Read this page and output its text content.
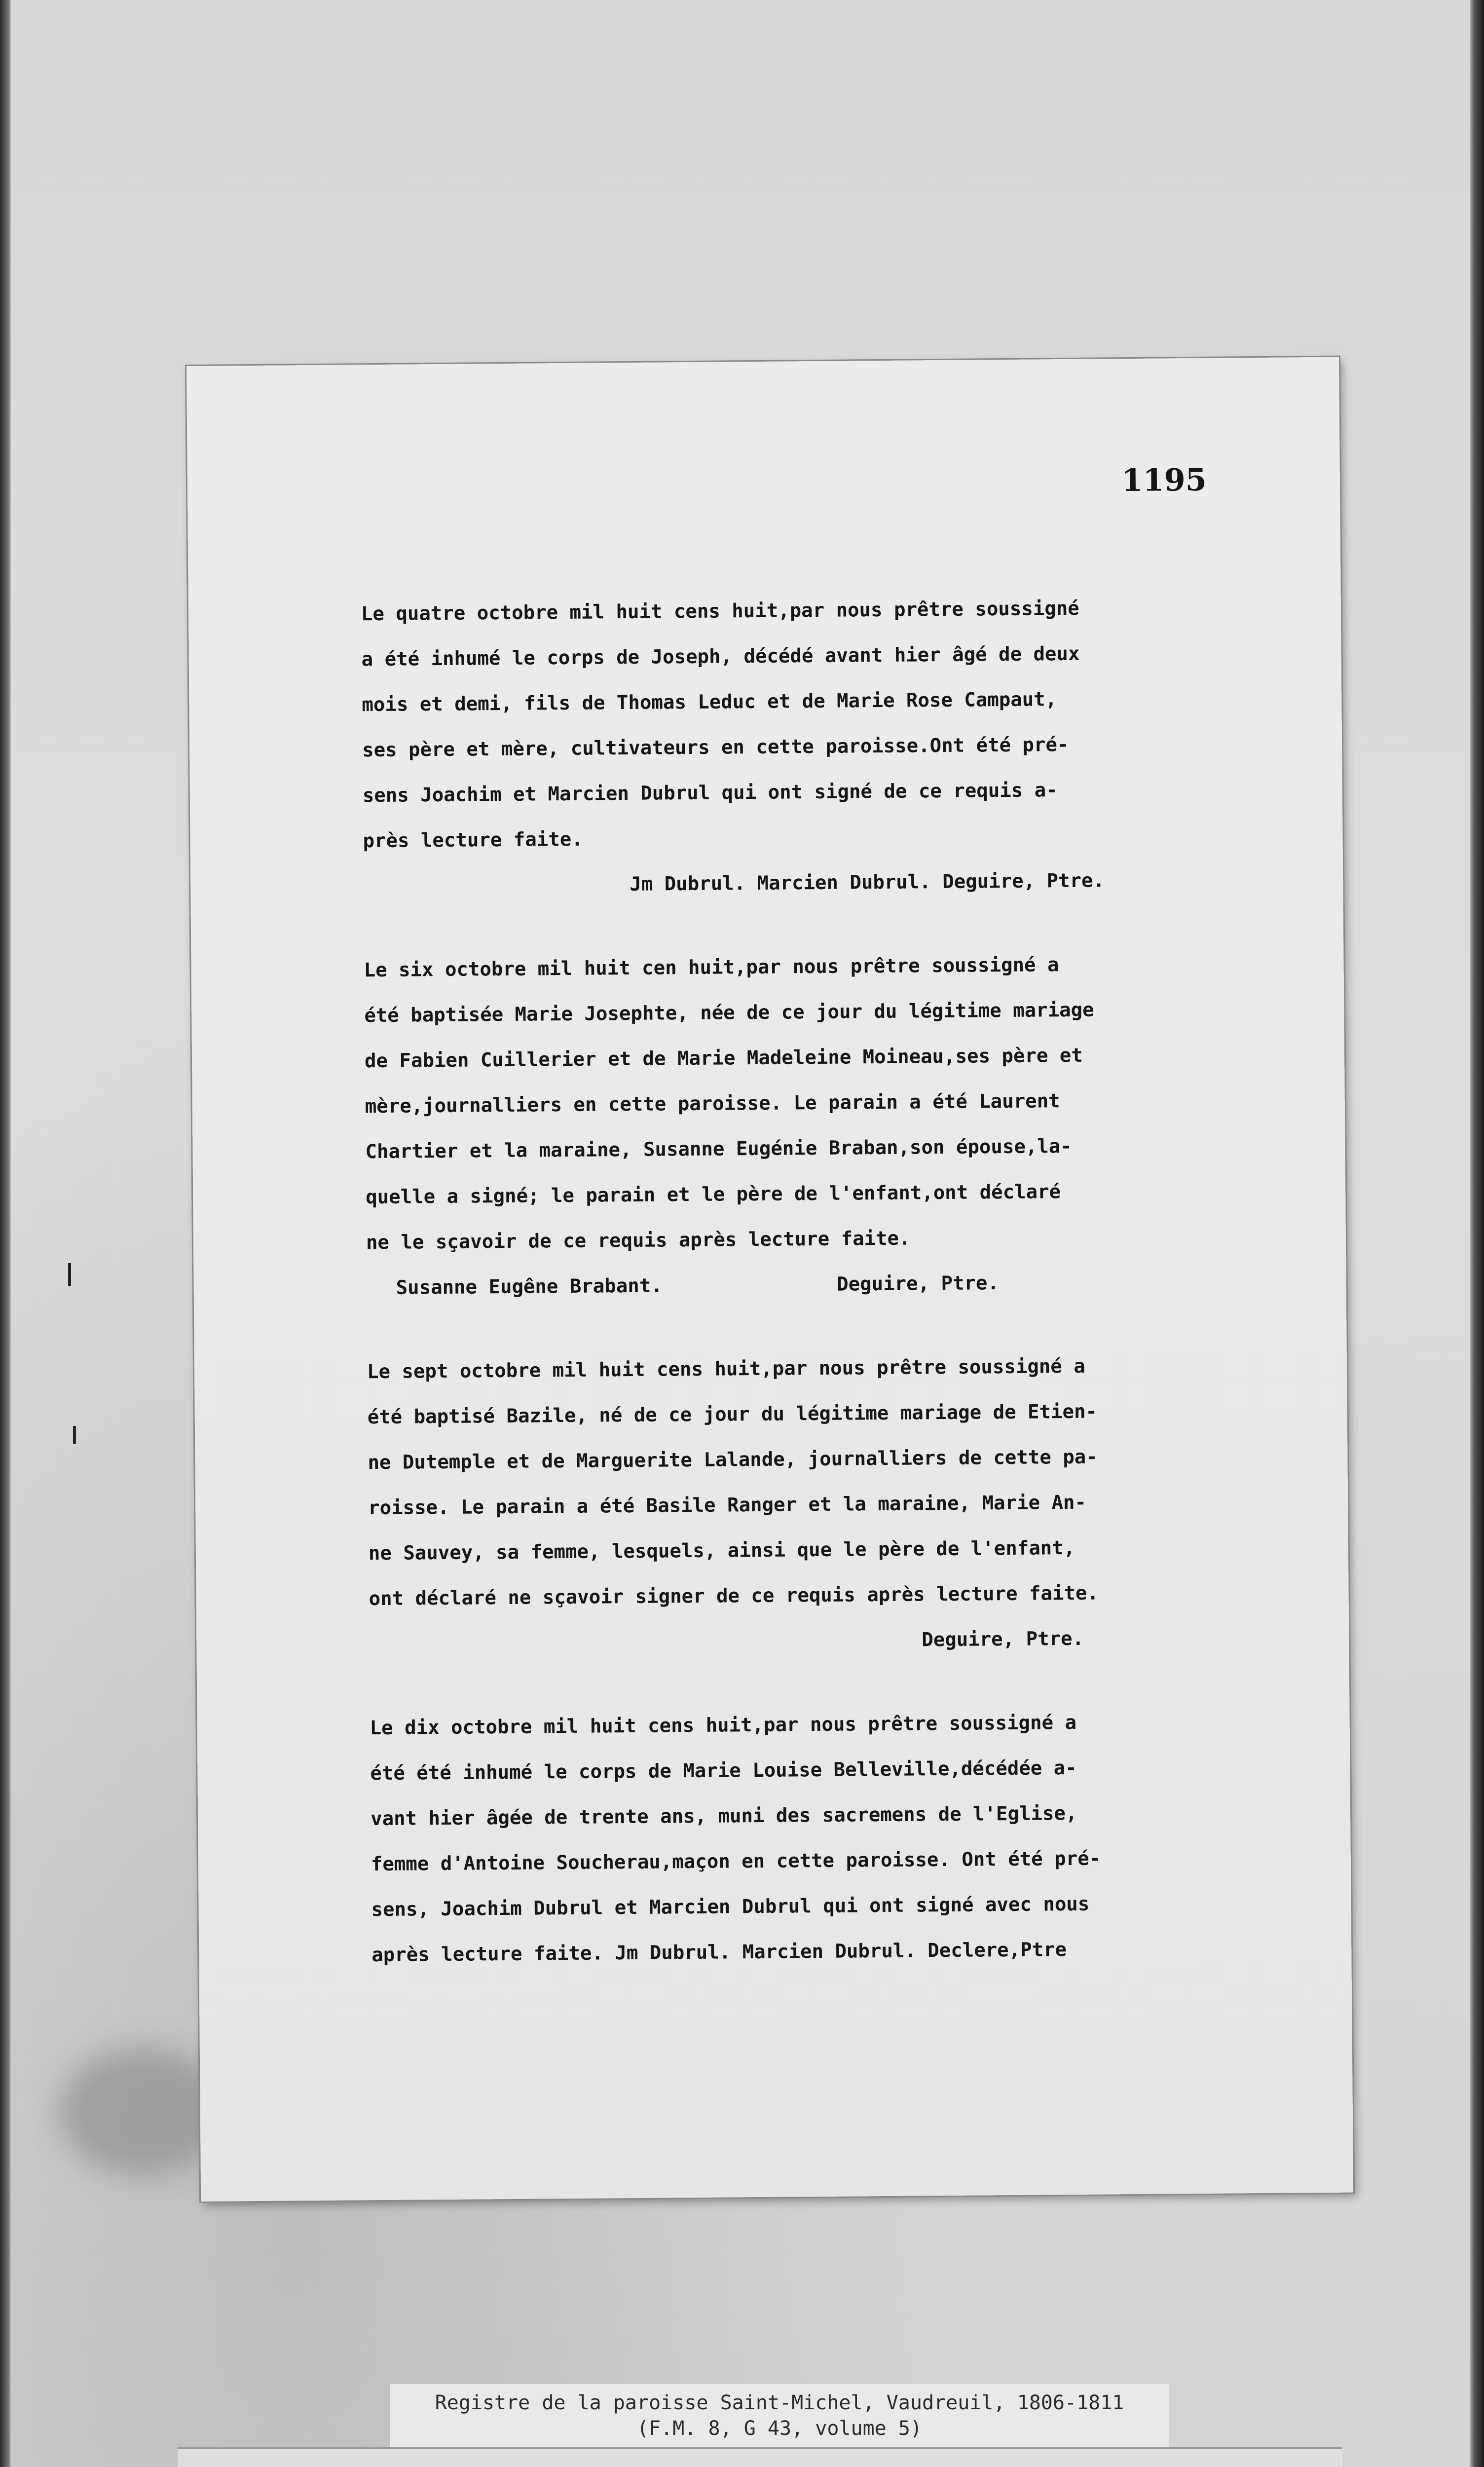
1195
Le quatre octobre mil huit cens huit,par nous prêtre soussigné
a été inhumé le corps de Joseph, décédé avant hier âgé de deux
mois et demi, fils de Thomas Leduc et de Marie Rose Campaut,
ses père et mère, cultivateurs en cette paroisse.Ont été pré-
sens Joachim et Marcien Dubrul qui ont signé de ce requis a-
près lecture faite.
Jm Dubrul. Marcien Dubrul. Deguire, Ptre.
Le six octobre mil huit cen huit,par nous prêtre soussigné a
été baptisée Marie Josephte, née de ce jour du légitime mariage
de Fabien Cuillerier et de Marie Madeleine Moineau,ses père et
mère,journalliers en cette paroisse. Le parain a été Laurent
Chartier et la maraine, Susanne Eugénie Braban,son épouse,la-
quelle a signé; le parain et le père de l'enfant,ont déclaré
ne le sçavoir de ce requis après lecture faite.
Susanne Eugêne Brabant.	Deguire, Ptre.
Le sept octobre mil huit cens huit,par nous prêtre soussigné a
été baptisé Bazile, né de ce jour du légitime mariage de Etien-
ne Dutemple et de Marguerite Lalande, journalliers de cette pa-
roisse. Le parain a été Basile Ranger et la maraine, Marie An-
ne Sauvey, sa femme, lesquels, ainsi que le père de l'enfant,
ont déclaré ne sçavoir signer de ce requis après lecture faite.
Deguire, Ptre.
Le dix octobre mil huit cens huit,par nous prêtre soussigné a
été été inhumé le corps de Marie Louise Belleville,décédée a-
vant hier âgée de trente ans, muni des sacremens de l'Eglise,
femme d'Antoine Soucherau,maçon en cette paroisse. Ont été pré-
sens, Joachim Dubrul et Marcien Dubrul qui ont signé avec nous
après lecture faite. Jm Dubrul. Marcien Dubrul. Declere,Ptre
Registre de la paroisse Saint-Michel, Vaudreuil, 1806-1811
(F.M. 8, G 43, volume 5)
